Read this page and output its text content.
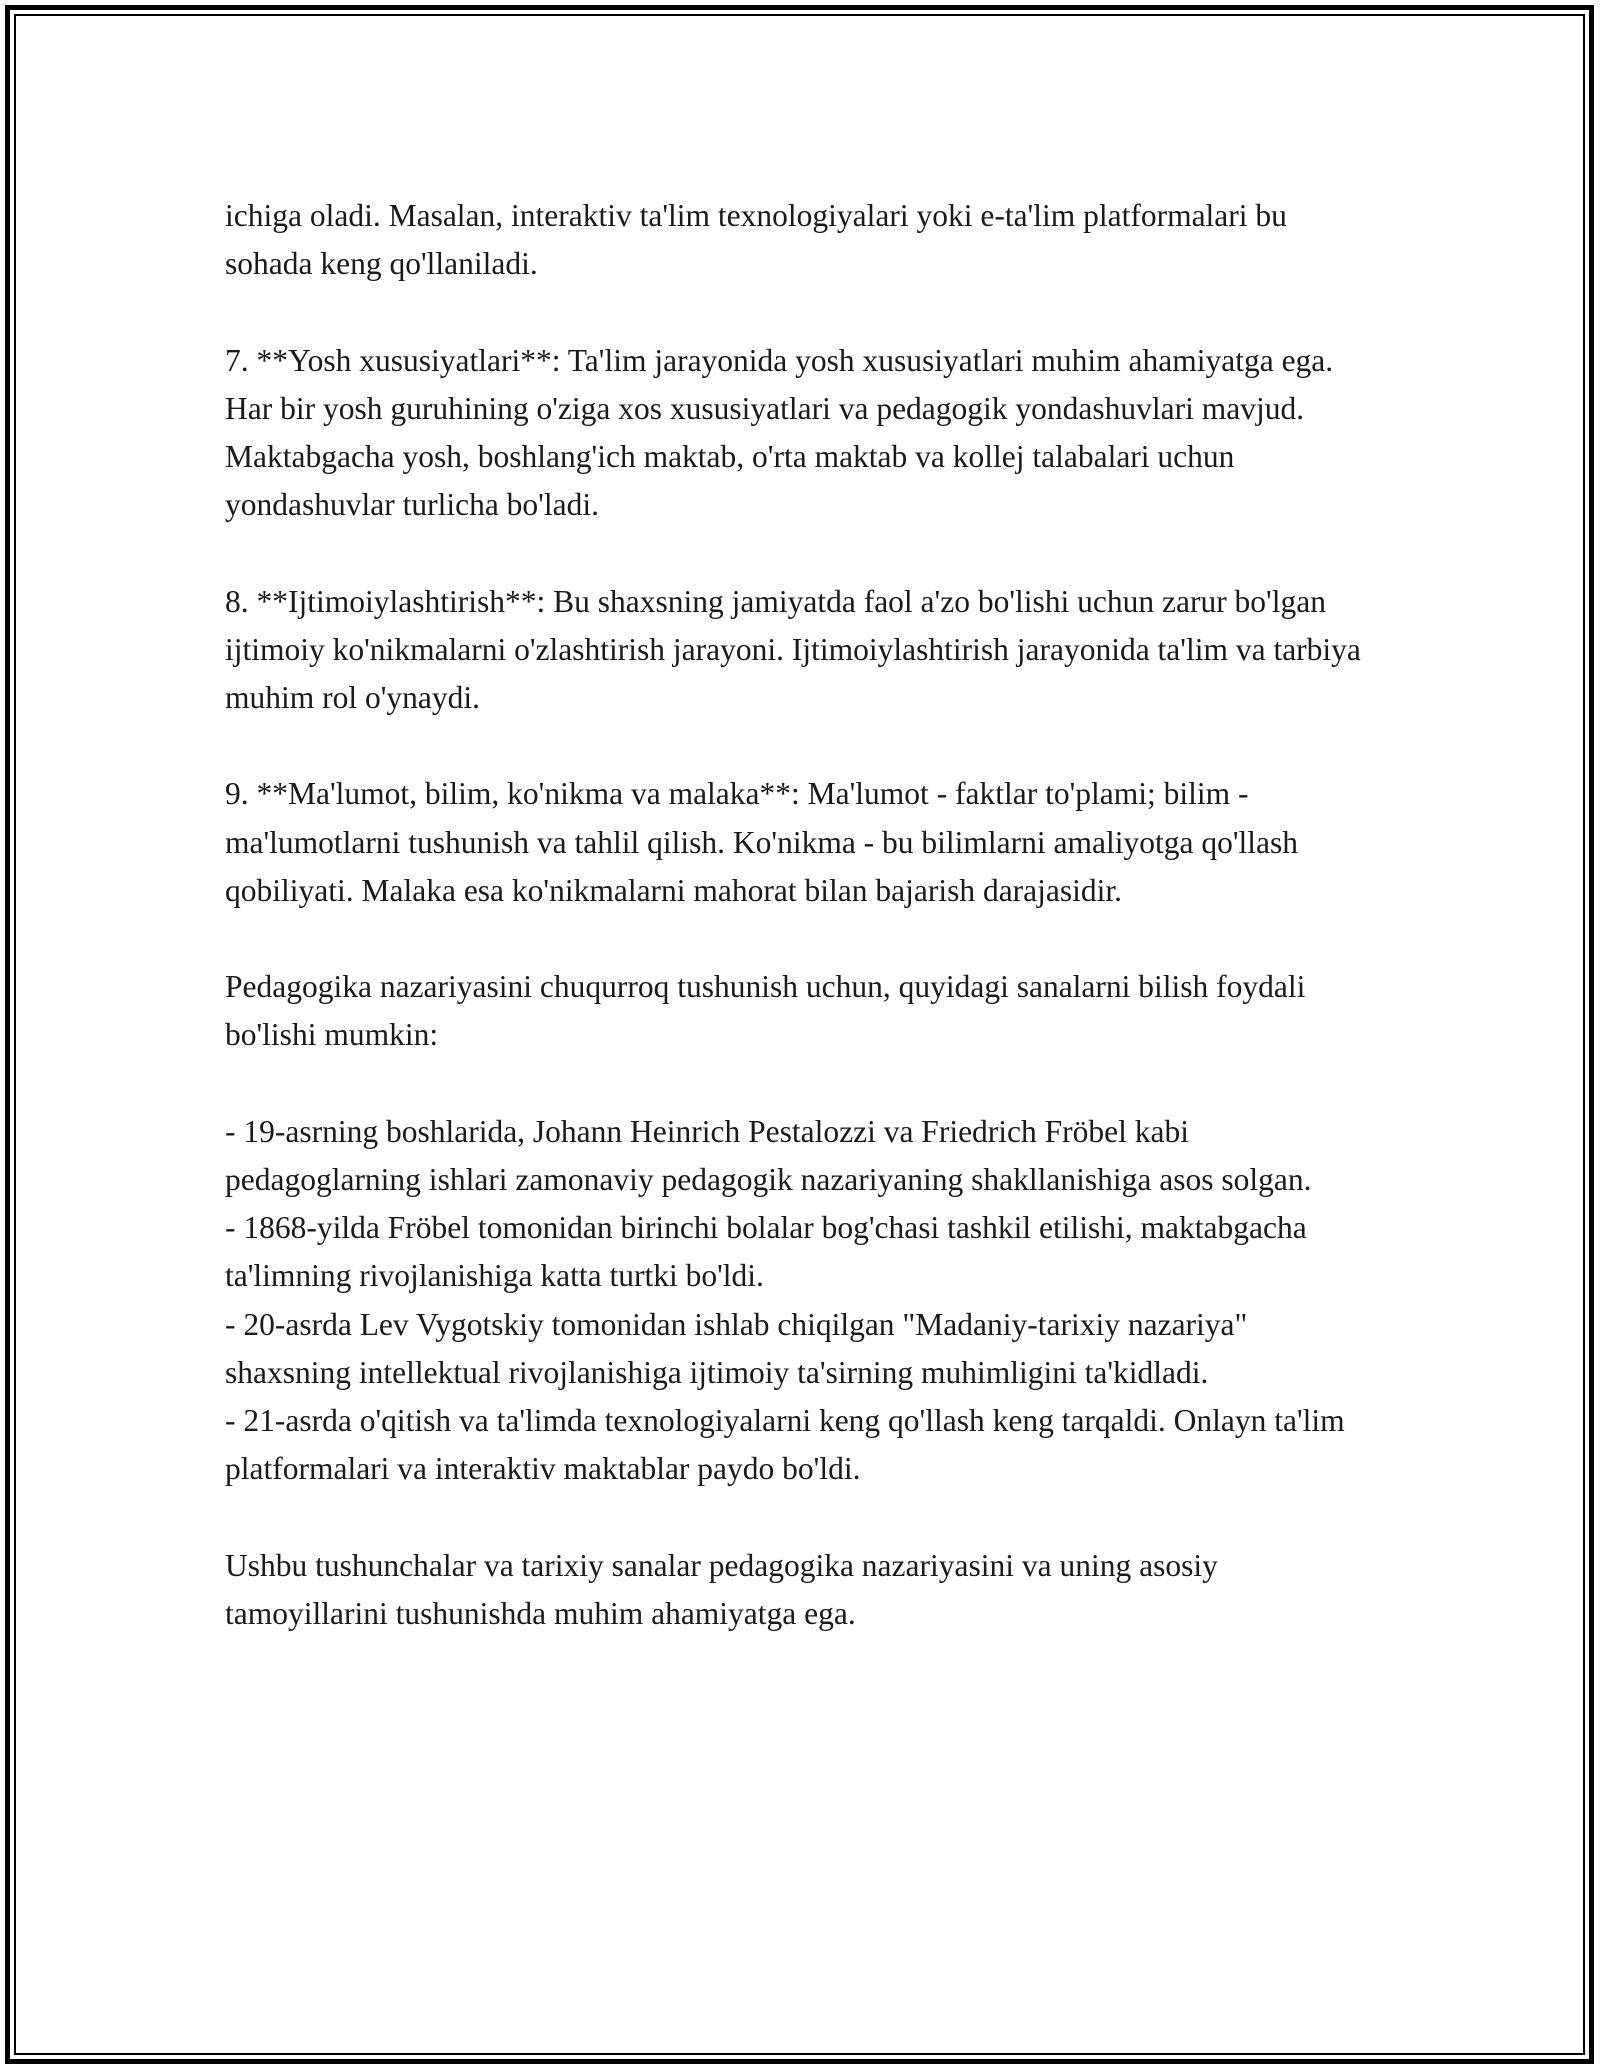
ichiga oladi. Masalan, interaktiv ta'lim texnologiyalari yoki e-ta'lim platformalari bu sohada keng qo'llaniladi.

7. **Yosh xususiyatlari**: Ta'lim jarayonida yosh xususiyatlari muhim ahamiyatga ega. Har bir yosh guruhining o'ziga xos xususiyatlari va pedagogik yondashuvlari mavjud. Maktabgacha yosh, boshlang'ich maktab, o'rta maktab va kollej talabalari uchun yondashuvlar turlicha bo'ladi.

8. **Ijtimoiylashtirish**: Bu shaxsning jamiyatda faol a'zo bo'lishi uchun zarur bo'lgan ijtimoiy ko'nikmalarni o'zlashtirish jarayoni. Ijtimoiylashtirish jarayonida ta'lim va tarbiya muhim rol o'ynaydi.

9. **Ma'lumot, bilim, ko'nikma va malaka**: Ma'lumot - faktlar to'plami; bilim - ma'lumotlarni tushunish va tahlil qilish. Ko'nikma - bu bilimlarni amaliyotga qo'llash qobiliyati. Malaka esa ko'nikmalarni mahorat bilan bajarish darajasidir.

Pedagogika nazariyasini chuqurroq tushunish uchun, quyidagi sanalarni bilish foydali bo'lishi mumkin:

- 19-asrning boshlarida, Johann Heinrich Pestalozzi va Friedrich Fröbel kabi pedagoglarning ishlari zamonaviy pedagogik nazariyaning shakllanishiga asos solgan.

- 1868-yilda Fröbel tomonidan birinchi bolalar bog'chasi tashkil etilishi, maktabgacha ta'limning rivojlanishiga katta turtki bo'ldi.

- 20-asrda Lev Vygotskiy tomonidan ishlab chiqilgan "Madaniy-tarixiy nazariya" shaxsning intellektual rivojlanishiga ijtimoiy ta'sirning muhimligini ta'kidladi.

- 21-asrda o'qitish va ta'limda texnologiyalarni keng qo'llash keng tarqaldi. Onlayn ta'lim platformalari va interaktiv maktablar paydo bo'ldi.

Ushbu tushunchalar va tarixiy sanalar pedagogika nazariyasini va uning asosiy tamoyillarini tushunishda muhim ahamiyatga ega.
